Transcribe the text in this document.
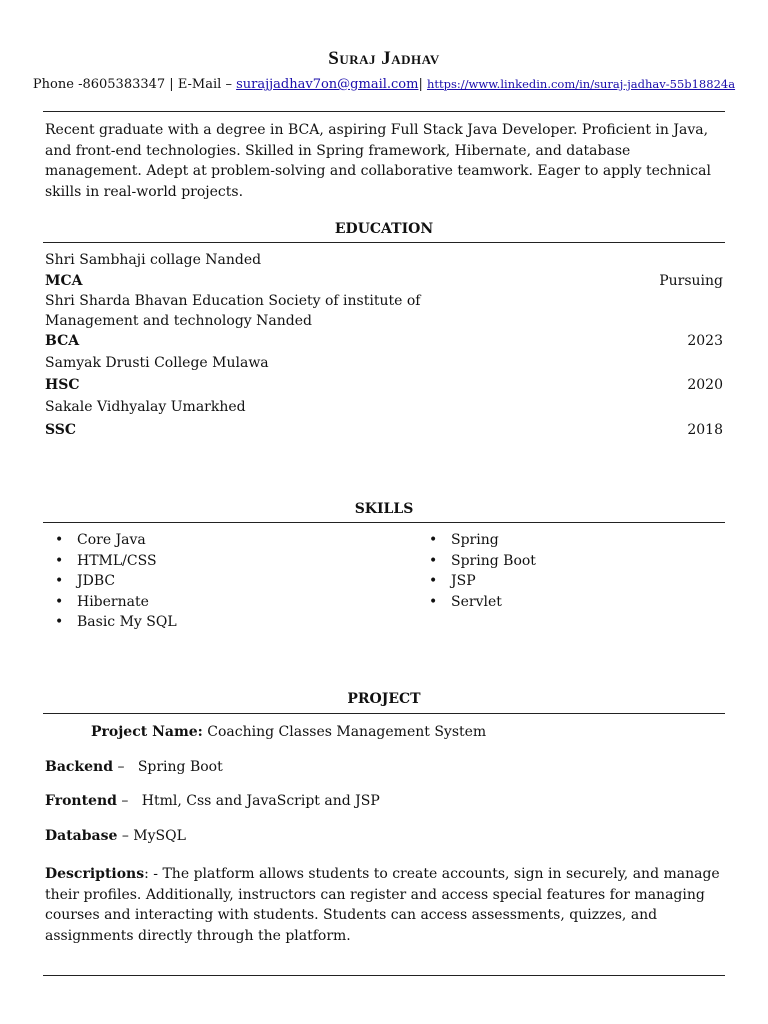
Suraj Jadhav
Phone -8605383347 | E-Mail – surajjadhav7on@gmail.com| https://www.linkedin.com/in/suraj-jadhav-55b18824a
Recent graduate with a degree in BCA, aspiring Full Stack Java Developer. Proficient in Java, and front-end technologies. Skilled in Spring framework, Hibernate, and database management. Adept at problem-solving and collaborative teamwork. Eager to apply technical skills in real-world projects.
EDUCATION
Shri Sambhaji collage Nanded
MCA	Pursuing
Shri Sharda Bhavan Education Society of institute of
Management and technology Nanded
BCA	2023
Samyak Drusti College Mulawa
HSC	2020
Sakale Vidhyalay Umarkhed
SSC	2018
SKILLS
• Core Java
• HTML/CSS
• JDBC
• Hibernate
• Basic My SQL
• Spring
• Spring Boot
• JSP
• Servlet
PROJECT
Project Name: Coaching Classes Management System
Backend –   Spring Boot
Frontend –   Html, Css and JavaScript and JSP
Database – MySQL
Descriptions: - The platform allows students to create accounts, sign in securely, and manage their profiles. Additionally, instructors can register and access special features for managing courses and interacting with students. Students can access assessments, quizzes, and assignments directly through the platform.
